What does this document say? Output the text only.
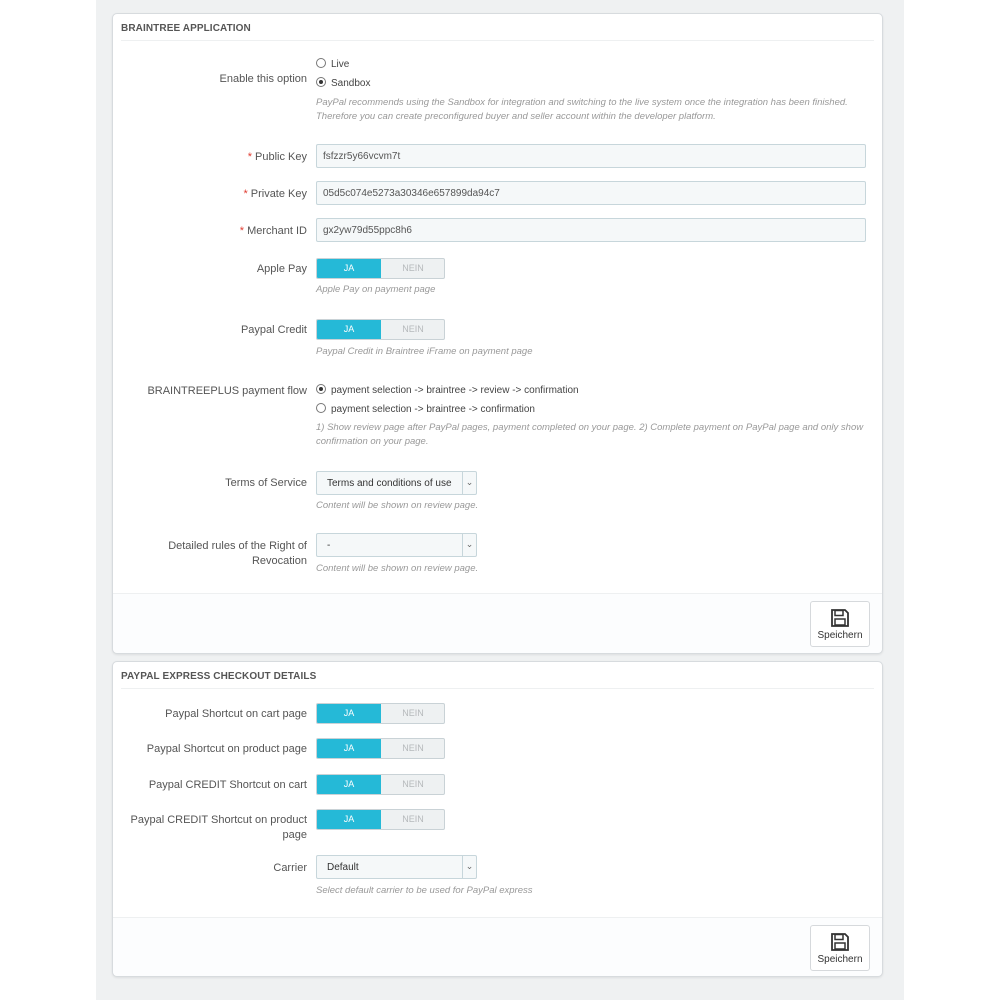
BRAINTREE APPLICATION
Enable this option
Live
Sandbox
PayPal recommends using the Sandbox for integration and switching to the live system once the integration has been finished. Therefore you can create preconfigured buyer and seller account within the developer platform.
* Public Key	fsfzzr5y66vcvm7t
* Private Key	05d5c074e5273a30346e657899da94c7
* Merchant ID	gx2yw79d55ppc8h6
Apple Pay	JA	NEIN
Apple Pay on payment page
Paypal Credit	JA	NEIN
Paypal Credit in Braintree iFrame on payment page
BRAINTREEPLUS payment flow	payment selection -> braintree -> review -> confirmation
payment selection -> braintree -> confirmation
1) Show review page after PayPal pages, payment completed on your page. 2) Complete payment on PayPal page and only show confirmation on your page.
Terms of Service	Terms and conditions of use	⌄
Content will be shown on review page.
Detailed rules of the Right of
Revocation
-	⌄
Content will be shown on review page.
Speichern
PAYPAL EXPRESS CHECKOUT DETAILS
Paypal Shortcut on cart page	JA	NEIN
Paypal Shortcut on product page	JA	NEIN
Paypal CREDIT Shortcut on cart	JA	NEIN
Paypal CREDIT Shortcut on product
page
JA	NEIN
Carrier	Default	⌄
Select default carrier to be used for PayPal express
Speichern
